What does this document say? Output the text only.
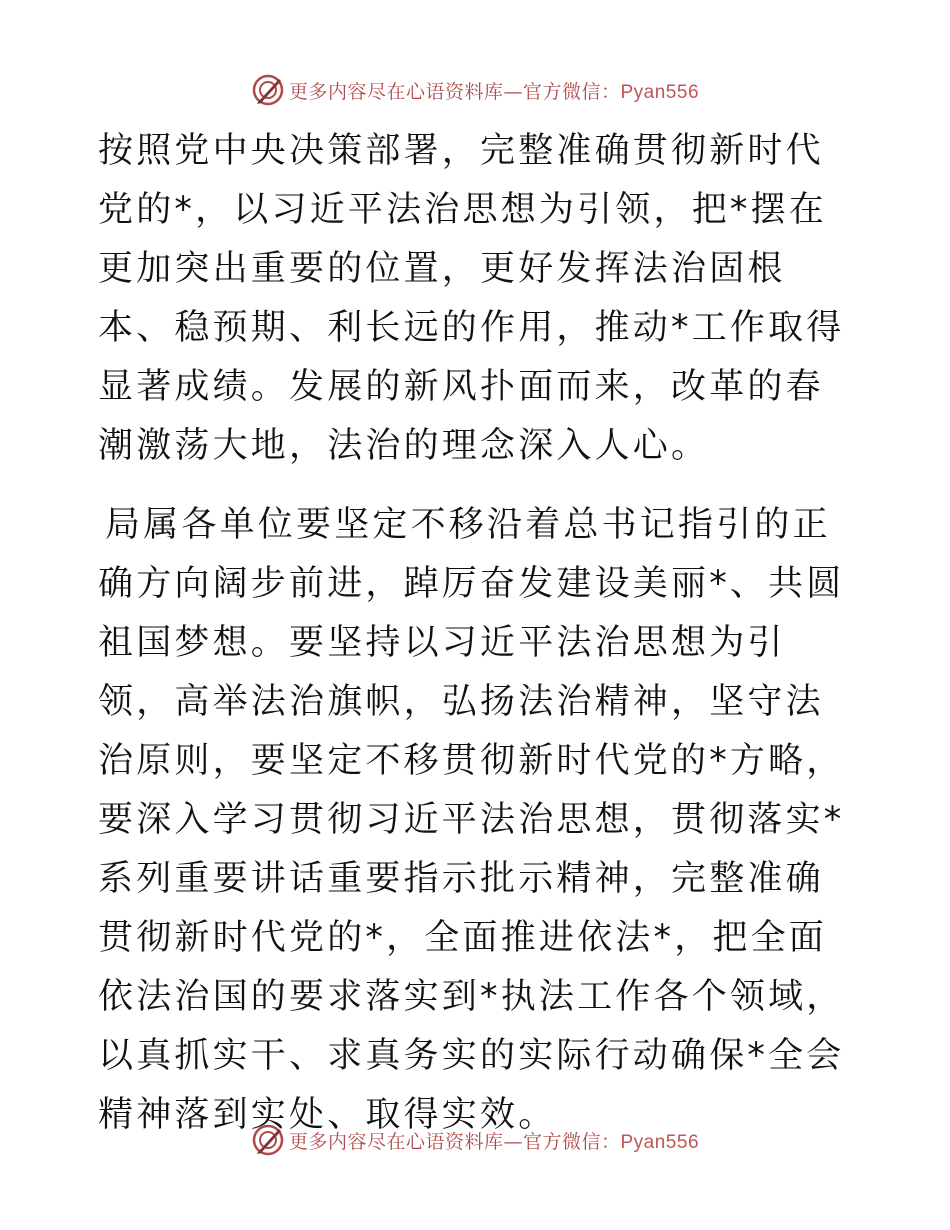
更多内容尽在心语资料库—官方微信：Pyan556

按照党中央决策部署，完整准确贯彻新时代党的*，以习近平法治思想为引领，把*摆在更加突出重要的位置，更好发挥法治固根本、稳预期、利长远的作用，推动*工作取得显著成绩。发展的新风扑面而来，改革的春潮激荡大地，法治的理念深入人心。

局属各单位要坚定不移沿着总书记指引的正确方向阔步前进，踔厉奋发建设美丽*、共圆祖国梦想。要坚持以习近平法治思想为引领，高举法治旗帜，弘扬法治精神，坚守法治原则，要坚定不移贯彻新时代党的*方略，要深入学习贯彻习近平法治思想，贯彻落实*系列重要讲话重要指示批示精神，完整准确贯彻新时代党的*，全面推进依法*，把全面依法治国的要求落实到*执法工作各个领域，以真抓实干、求真务实的实际行动确保*全会精神落到实处、取得实效。

更多内容尽在心语资料库—官方微信：Pyan556
